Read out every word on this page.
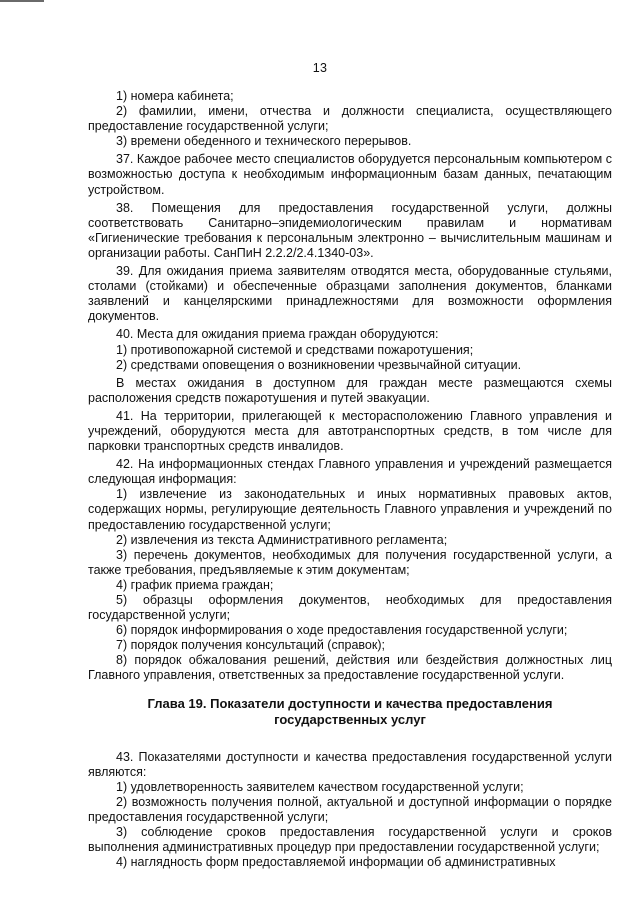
13

1) номера кабинета;

2) фамилии, имени, отчества и должности специалиста, осуществляющего предоставление государственной услуги;

3) времени обеденного и технического перерывов.

37. Каждое рабочее место специалистов оборудуется персональным компьютером с возможностью доступа к необходимым информационным базам данных, печатающим устройством.

38. Помещения для предоставления государственной услуги, должны соответствовать Санитарно–эпидемиологическим правилам и нормативам «Гигиенические требования к персональным электронно – вычислительным машинам и организации работы. СанПиН 2.2.2/2.4.1340-03».

39. Для ожидания приема заявителям отводятся места, оборудованные стульями, столами (стойками) и обеспеченные образцами заполнения документов, бланками заявлений и канцелярскими принадлежностями для возможности оформления документов.

40. Места для ожидания приема граждан оборудуются:

1) противопожарной системой и средствами пожаротушения;

2) средствами оповещения о возникновении чрезвычайной ситуации.

В местах ожидания в доступном для граждан месте размещаются схемы расположения средств пожаротушения и путей эвакуации.

41. На территории, прилегающей к месторасположению Главного управления и учреждений, оборудуются места для автотранспортных средств, в том числе для парковки транспортных средств инвалидов.

42. На информационных стендах Главного управления и учреждений размещается следующая информация:

1) извлечение из законодательных и иных нормативных правовых актов, содержащих нормы, регулирующие деятельность Главного управления и учреждений по предоставлению государственной услуги;

2) извлечения из текста Административного регламента;

3) перечень документов, необходимых для получения государственной услуги, а также требования, предъявляемые к этим документам;

4) график приема граждан;

5) образцы оформления документов, необходимых для предоставления государственной услуги;

6) порядок информирования о ходе предоставления государственной услуги;

7) порядок получения консультаций (справок);

8) порядок обжалования решений, действия или бездействия должностных лиц Главного управления, ответственных за предоставление государственной услуги.

Глава 19. Показатели доступности и качества предоставления государственных услуг

43. Показателями доступности и качества предоставления государственной услуги являются:

1) удовлетворенность заявителем качеством государственной услуги;

2) возможность получения полной, актуальной и доступной информации о порядке предоставления государственной услуги;

3) соблюдение сроков предоставления государственной услуги и сроков выполнения административных процедур при предоставлении государственной услуги;

4) наглядность форм предоставляемой информации об административных
